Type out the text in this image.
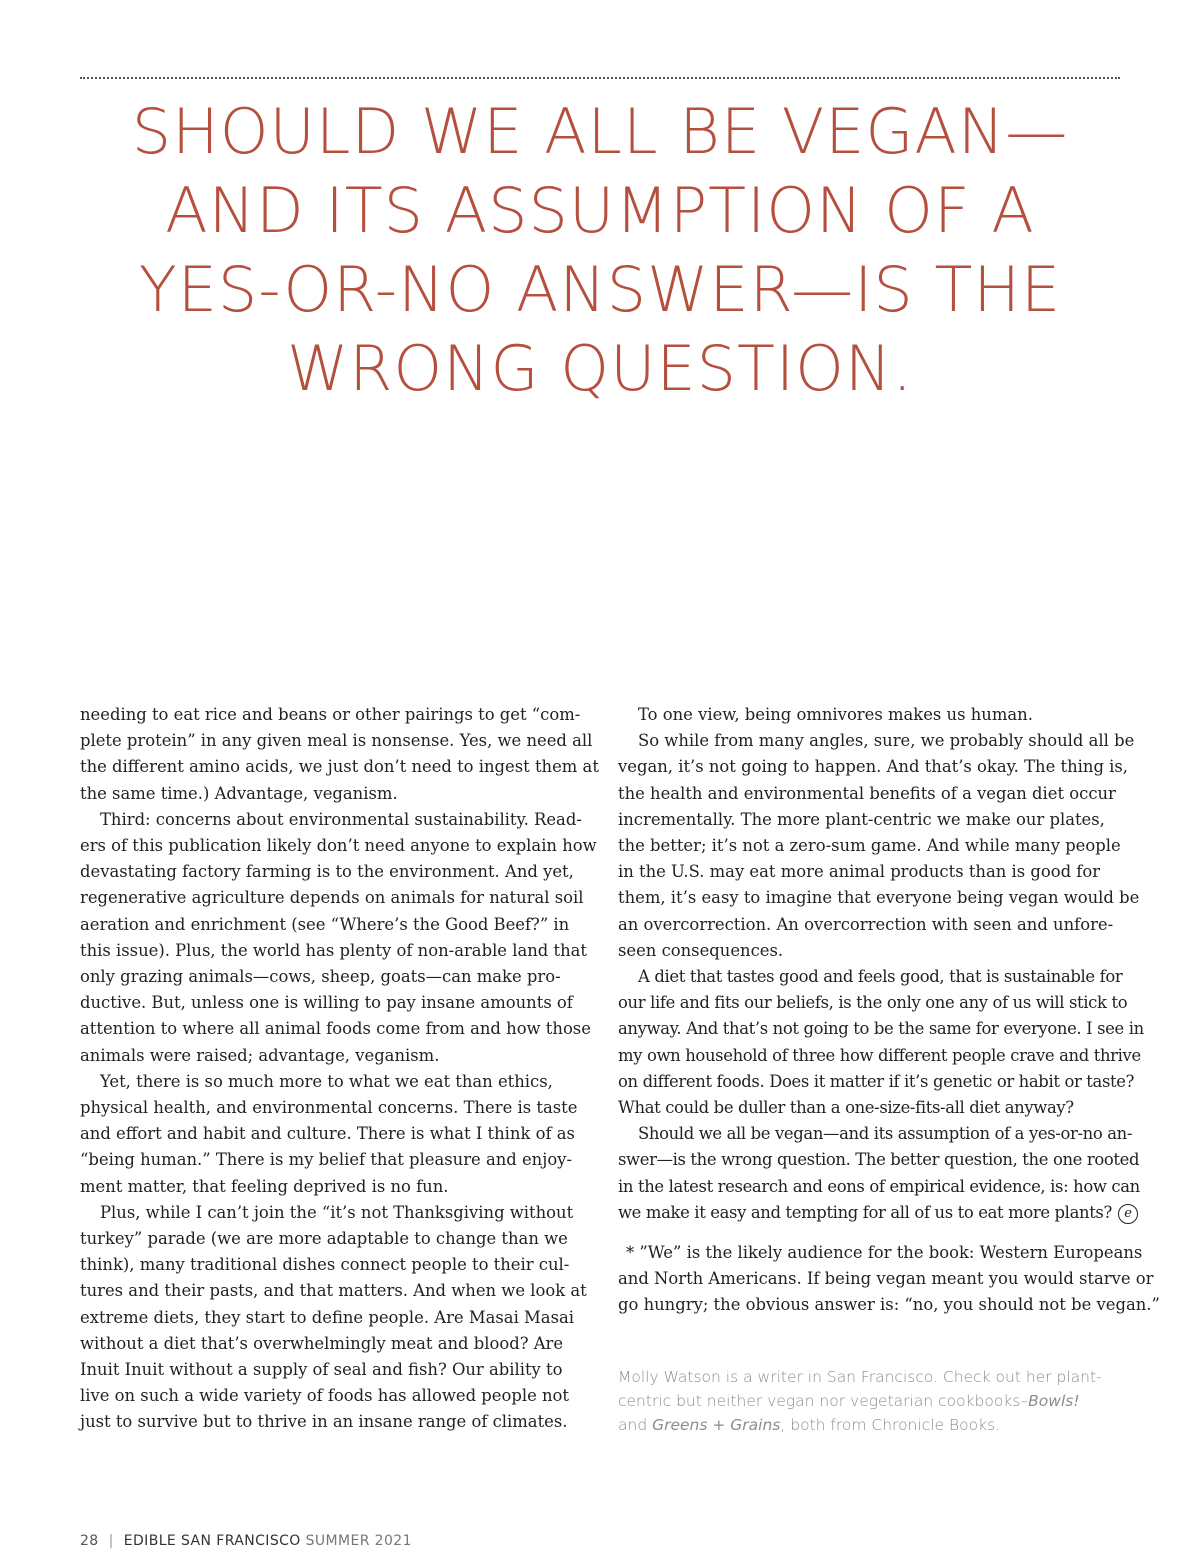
SHOULD WE ALL BE VEGAN—
AND ITS ASSUMPTION OF A
YES-OR-NO ANSWER—IS THE
WRONG QUESTION.

needing to eat rice and beans or other pairings to get “com-
plete protein” in any given meal is nonsense. Yes, we need all
the different amino acids, we just don’t need to ingest them at
the same time.) Advantage, veganism.

Third: concerns about environmental sustainability. Read-
ers of this publication likely don’t need anyone to explain how
devastating factory farming is to the environment. And yet,
regenerative agriculture depends on animals for natural soil
aeration and enrichment (see “Where’s the Good Beef?” in
this issue). Plus, the world has plenty of non-arable land that
only grazing animals—cows, sheep, goats—can make pro-
ductive. But, unless one is willing to pay insane amounts of
attention to where all animal foods come from and how those
animals were raised; advantage, veganism.

Yet, there is so much more to what we eat than ethics,
physical health, and environmental concerns. There is taste
and effort and habit and culture. There is what I think of as
“being human.” There is my belief that pleasure and enjoy-
ment matter, that feeling deprived is no fun.

Plus, while I can’t join the “it’s not Thanksgiving without
turkey” parade (we are more adaptable to change than we
think), many traditional dishes connect people to their cul-
tures and their pasts, and that matters. And when we look at
extreme diets, they start to define people. Are Masai Masai
without a diet that’s overwhelmingly meat and blood? Are
Inuit Inuit without a supply of seal and fish? Our ability to
live on such a wide variety of foods has allowed people not
just to survive but to thrive in an insane range of climates.

To one view, being omnivores makes us human.

So while from many angles, sure, we probably should all be
vegan, it’s not going to happen. And that’s okay. The thing is,
the health and environmental benefits of a vegan diet occur
incrementally. The more plant-centric we make our plates,
the better; it’s not a zero-sum game. And while many people
in the U.S. may eat more animal products than is good for
them, it’s easy to imagine that everyone being vegan would be
an overcorrection. An overcorrection with seen and unfore-
seen consequences.

A diet that tastes good and feels good, that is sustainable for
our life and fits our beliefs, is the only one any of us will stick to
anyway. And that’s not going to be the same for everyone. I see in
my own household of three how different people crave and thrive
on different foods. Does it matter if it’s genetic or habit or taste?
What could be duller than a one-size-fits-all diet anyway?

Should we all be vegan—and its assumption of a yes-or-no an-
swer—is the wrong question. The better question, the one rooted
in the latest research and eons of empirical evidence, is: how can
we make it easy and tempting for all of us to eat more plants? e

* ”We” is the likely audience for the book: Western Europeans
and North Americans. If being vegan meant you would starve or
go hungry; the obvious answer is: “no, you should not be vegan.”

Molly Watson is a writer in San Francisco. Check out her plant-
centric but neither vegan nor vegetarian cookbooks–Bowls!
and Greens + Grains, both from Chronicle Books.
28 | EDIBLE SAN FRANCISCO SUMMER 2021
